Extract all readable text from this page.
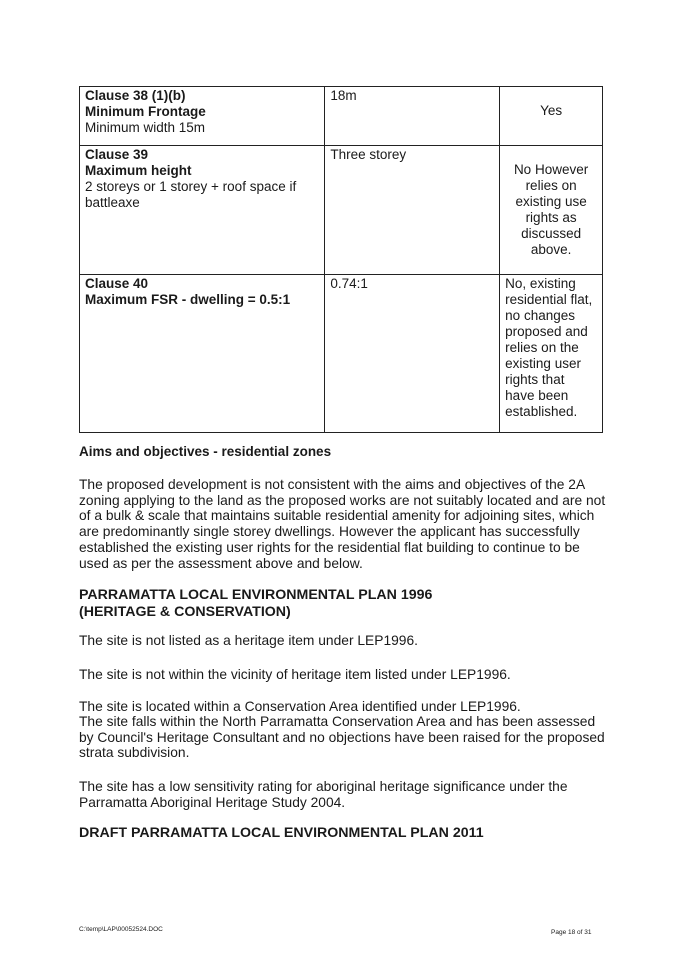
Clause 38 (1)(b)
Minimum Frontage
Minimum width 15m	18m	Yes

Clause 39
Maximum height
2 storeys or 1 storey + roof space if battleaxe	Three storey	No However relies on existing use rights as discussed above.

Clause 40
Maximum FSR - dwelling = 0.5:1	0.74:1	No, existing residential flat, no changes proposed and relies on the existing user rights that have been established.
Aims and objectives - residential zones
The proposed development is not consistent with the aims and objectives of the 2A zoning applying to the land as the proposed works are not suitably located and are not of a bulk & scale that maintains suitable residential amenity for adjoining sites, which are predominantly single storey dwellings. However the applicant has successfully established the existing user rights for the residential flat building to continue to be used as per the assessment above and below.
PARRAMATTA LOCAL ENVIRONMENTAL PLAN 1996
(HERITAGE & CONSERVATION)
The site is not listed as a heritage item under LEP1996.
The site is not within the vicinity of heritage item listed under LEP1996.
The site is located within a Conservation Area identified under LEP1996.
The site falls within the North Parramatta Conservation Area and has been assessed by Council's Heritage Consultant and no objections have been raised for the proposed strata subdivision.
The site has a low sensitivity rating for aboriginal heritage significance under the Parramatta Aboriginal Heritage Study 2004.
DRAFT PARRAMATTA LOCAL ENVIRONMENTAL PLAN 2011
C:\temp\LAP\00052524.DOC	Page 18 of 31
